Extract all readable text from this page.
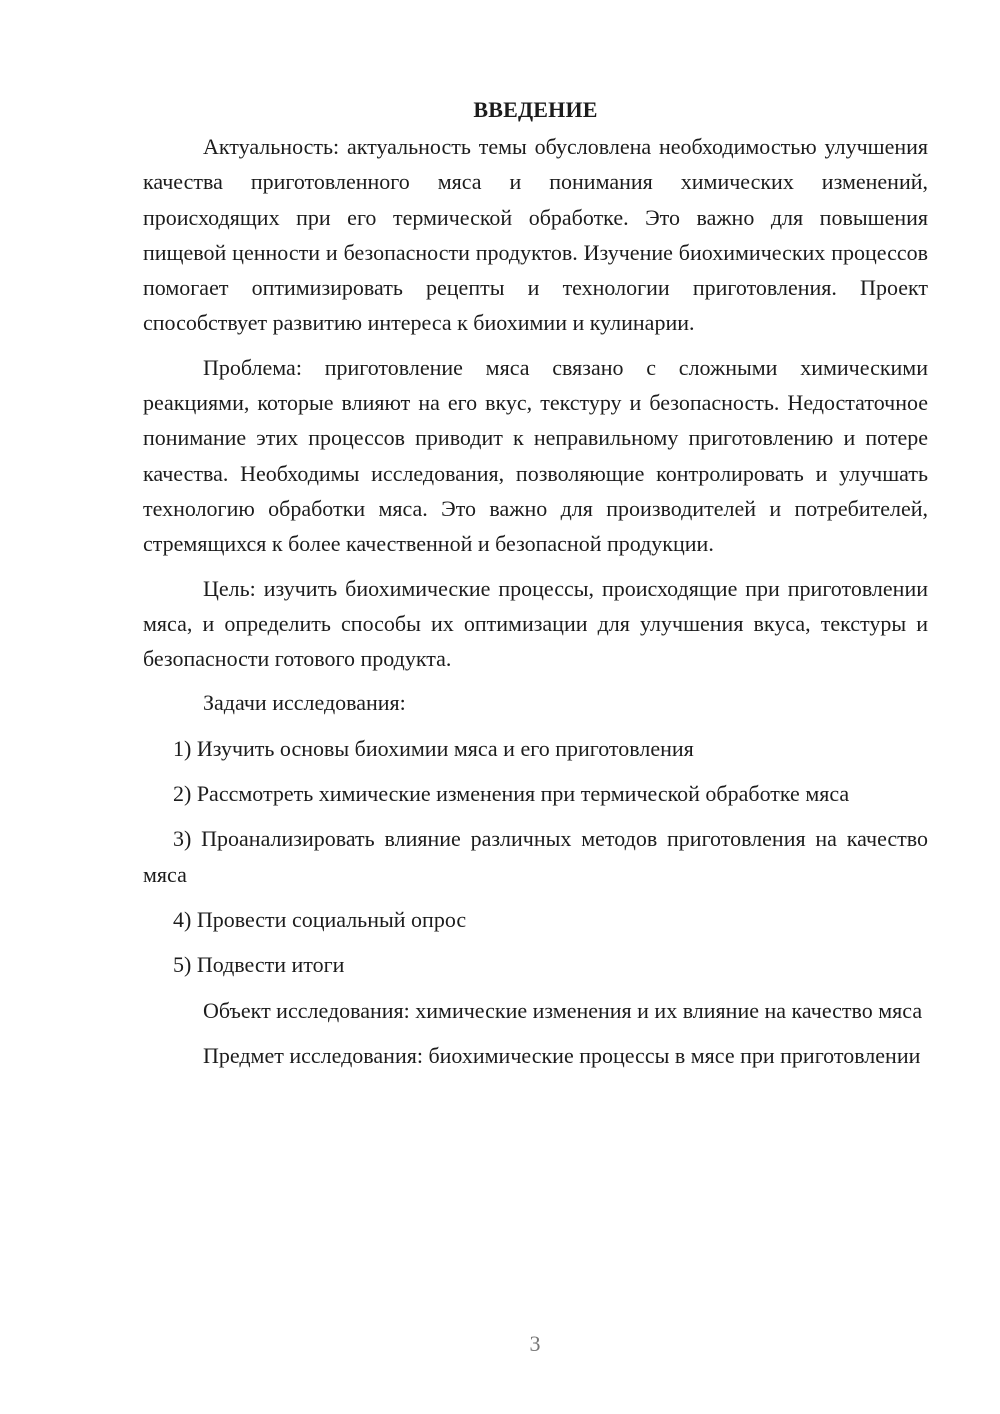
ВВЕДЕНИЕ

Актуальность: актуальность темы обусловлена необходимостью улучшения качества приготовленного мяса и понимания химических изменений, происходящих при его термической обработке. Это важно для повышения пищевой ценности и безопасности продуктов. Изучение биохимических процессов помогает оптимизировать рецепты и технологии приготовления. Проект способствует развитию интереса к биохимии и кулинарии.

Проблема: приготовление мяса связано с сложными химическими реакциями, которые влияют на его вкус, текстуру и безопасность. Недостаточное понимание этих процессов приводит к неправильному приготовлению и потере качества. Необходимы исследования, позволяющие контролировать и улучшать технологию обработки мяса. Это важно для производителей и потребителей, стремящихся к более качественной и безопасной продукции.

Цель: изучить биохимические процессы, происходящие при приготовлении мяса, и определить способы их оптимизации для улучшения вкуса, текстуры и безопасности готового продукта.

Задачи исследования:

1) Изучить основы биохимии мяса и его приготовления

2) Рассмотреть химические изменения при термической обработке мяса

3) Проанализировать влияние различных методов приготовления на качество мяса

4) Провести социальный опрос

5) Подвести итоги

Объект исследования: химические изменения и их влияние на качество мяса

Предмет исследования: биохимические процессы в мясе при приготовлении

3
